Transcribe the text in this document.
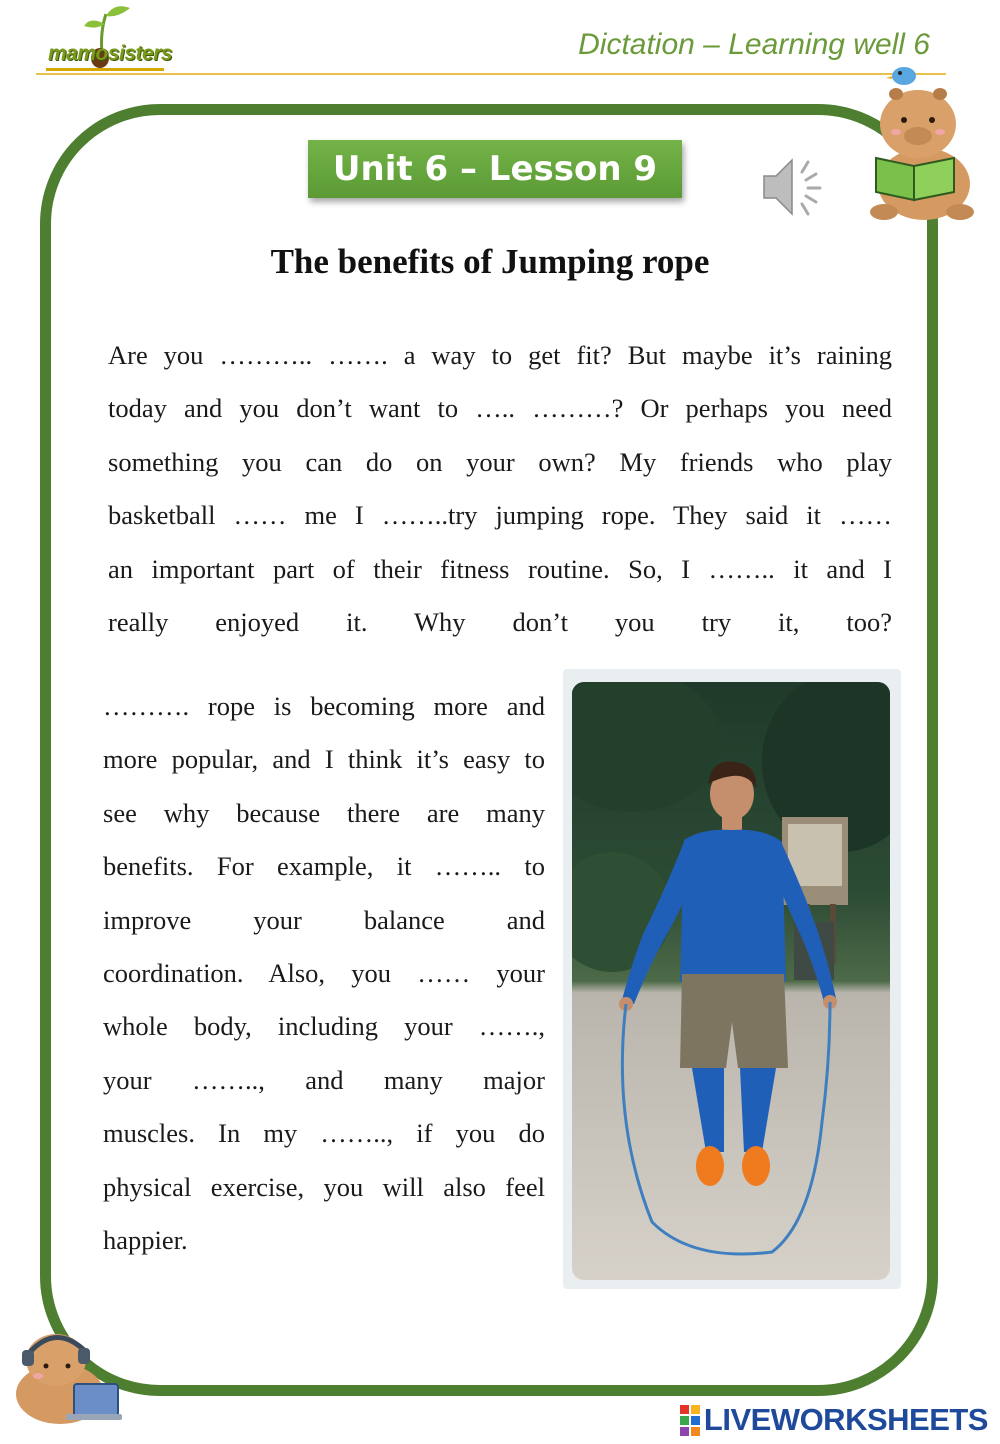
mamosisters	Dictation – Learning well 6
Unit 6 – Lesson 9
The benefits of Jumping rope
Are you ……….. ……. a way to get fit? But maybe it’s raining
today and you don’t want to ….. ………? Or perhaps you need
something you can do on your own? My friends who play
basketball …… me I ……..try jumping rope. They said it ……
an important part of their fitness routine. So, I …….. it and I
really enjoyed it. Why don’t you try it, too?
………. rope is becoming more and
more popular, and I think it’s easy to
see why because there are many
benefits. For example, it …….. to
improve your balance and
coordination. Also, you …… your
whole body, including your …….,
your …….., and many major
muscles. In my …….., if you do
physical exercise, you will also feel
happier.
LIVEWORKSHEETS
